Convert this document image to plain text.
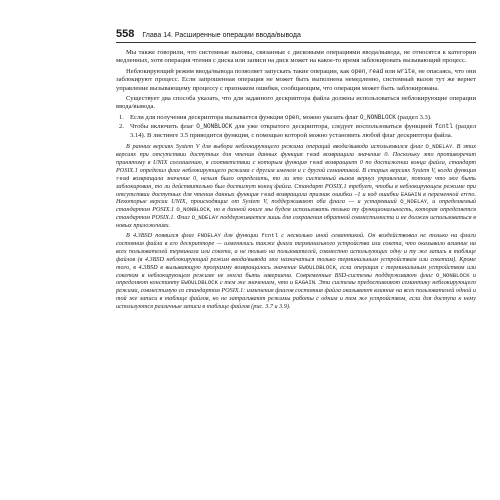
558 Глава 14. Расширенные операции ввода/вывода

Мы также говорили, что системные вызовы, связанные с дисковыми операциями ввода/вывода, не относятся к категории медленных, хотя операция чтения с диска или записи на диск может на какое-то время заблокировать вызывающий процесс.

Неблокирующий режим ввода/вывода позволяет запускать такие операции, как open, read или write, не опасаясь, что они заблокируют процесс. Если запрошенная операция не может быть выполнена немедленно, системный вызов тут же вернет управление вызывающему процессу с признаком ошибки, сообщающим, что операция может быть заблокирована.

Существует два способа указать, что для заданного дескриптора файла должны использоваться неблокирующие операции ввода/вывода.

1. Если для получения дескриптора вызывается функция open, можно указать флаг O_NONBLOCK (раздел 3.3).
2. Чтобы включить флаг O_NONBLOCK для уже открытого дескриптора, следует воспользоваться функцией fcntl (раздел 3.14). В листинге 3.5 приводится функция, с помощью которой можно установить любой флаг дескриптора файла.

В ранних версиях System V для выбора неблокирующего режима операций ввода/вывода использовался флаг O_NDELAY. В этих версиях при отсутствии доступных для чтения данных функция read возвращала значение 0. Поскольку это противоречит принятому в UNIX соглашению, в соответствии с которым функция read возвращает 0 по достижении конца файла, стандарт POSIX.1 определил флаг неблокирующего режима с другим именем и с другой семантикой. В старых версиях System V, когда функция read возвращала значение 0, нельзя было определить, то ли это системный вызов вернул управление, потому что мог быть заблокирован, то ли действительно был достигнут конец файла. Стандарт POSIX.1 требует, чтобы в неблокирующем режиме при отсутствии доступных для чтения данных функция read возвращала признак ошибки –1 и код ошибки EAGAIN в переменной errno. Некоторые версии UNIX, происходящие от System V, поддерживают оба флага — и устаревший O_NDELAY, и определяемый стандартом POSIX.1 O_NONBLOCK, но в данной книге мы будем использовать только ту функциональность, которая определяется стандартом POSIX.1. Флаг O_NDELAY поддерживается лишь для сохранения обратной совместимости и не должен использоваться в новых приложениях.

В 4.3BSD появился флаг FNDELAY для функции fcntl с несколько иной семантикой. Он воздействовал не только на флаги состояния файла в его дескрипторе — изменялись также флаги терминального устройства или сокета, что оказывало влияние на всех пользователей терминала или сокета, а не только на пользователей, совместно использующих одну и ту же запись в таблице файлов (в 4.3BSD неблокирующий режим ввода/вывода мог назначаться только терминальным устройствам или сокетам). Кроме того, в 4.3BSD в вызывающую программу возвращалось значение EWOULDBLOCK, если операция с терминальным устройством или сокетом в неблокирующем режиме не могла быть завершена. Современные BSD-системы поддерживают флаг O_NONBLOCK и определяют константу EWOULDBLOCK с тем же значением, что и EAGAIN. Эти системы предоставляют семантику неблокирующего режима, совместимую со стандартом POSIX.1: изменения флагов состояния файла оказывают влияние на всех пользователей одной и той же записи в таблице файлов, но не затрагивают режимы работы с одним и тем же устройством, если для доступа к нему используются различные записи в таблице файлов (рис. 3.7 и 3.9).
